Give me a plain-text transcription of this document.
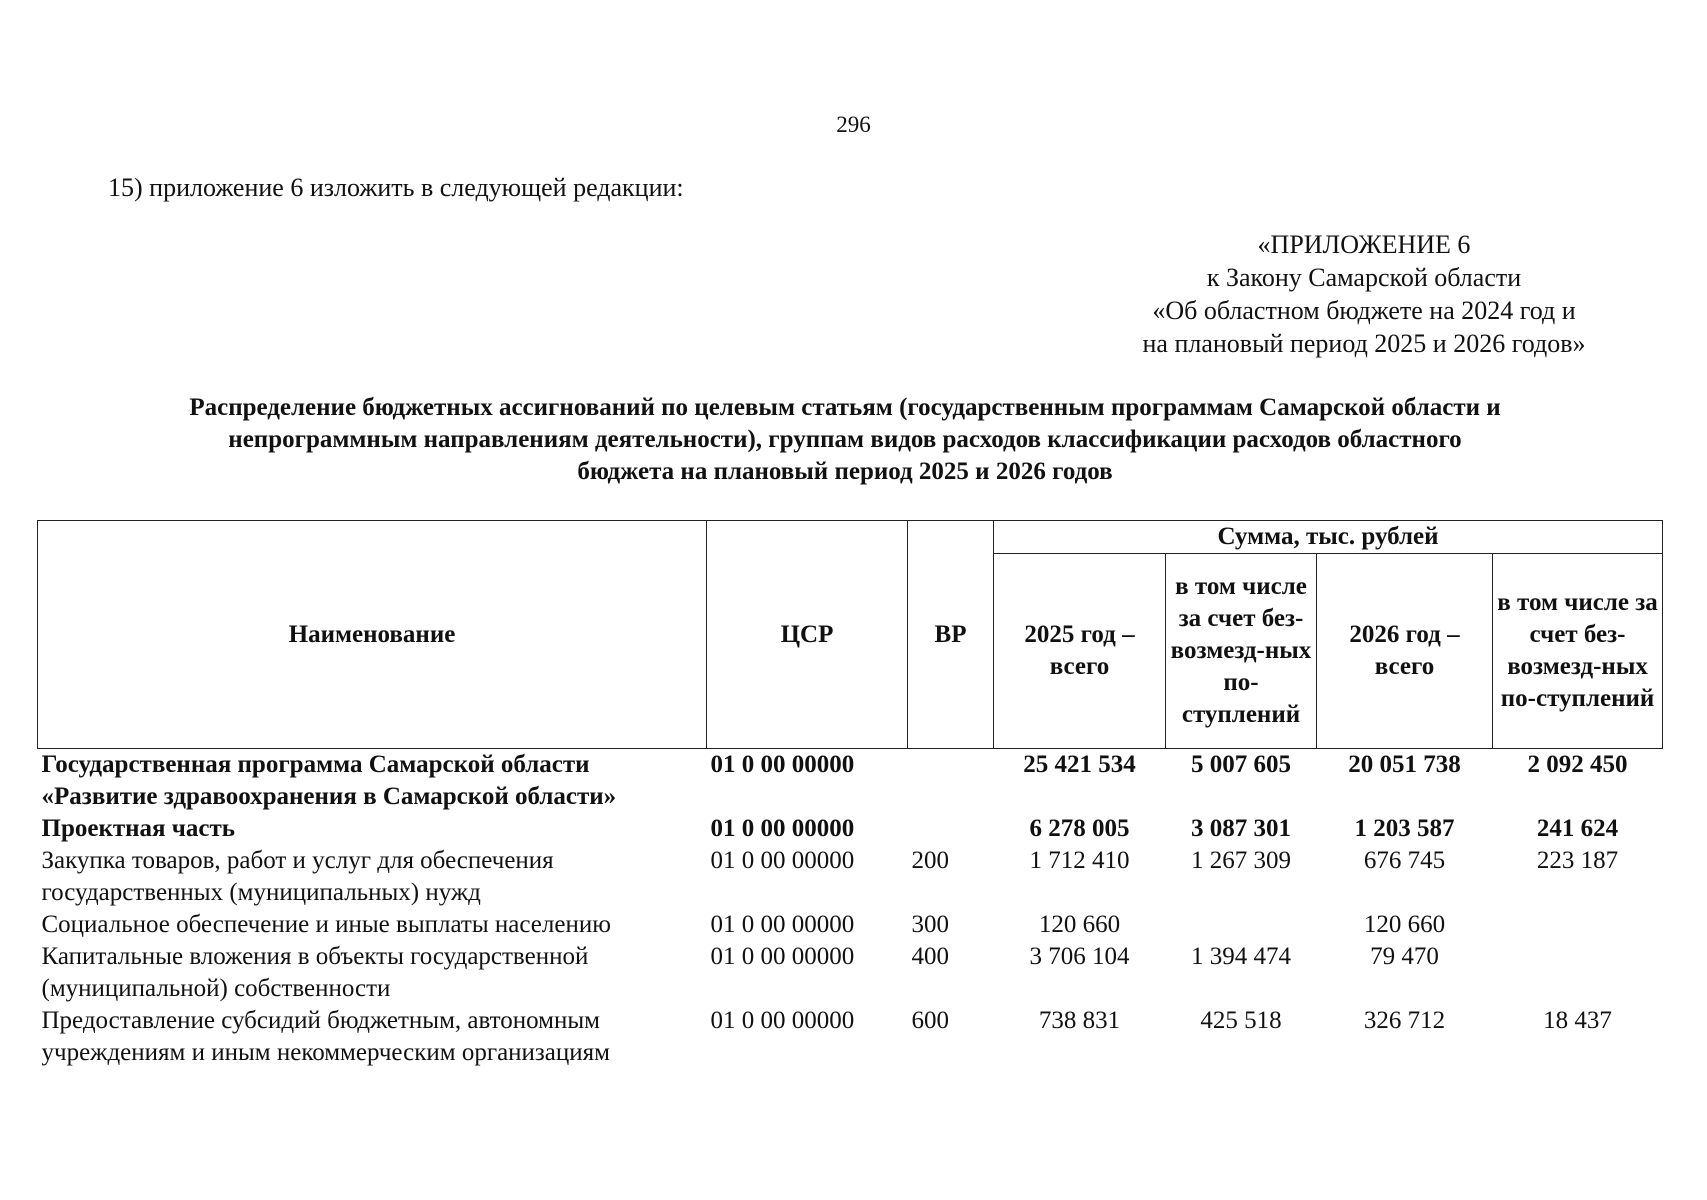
296
15) приложение 6 изложить в следующей редакции:
«ПРИЛОЖЕНИЕ 6
к Закону Самарской области
«Об областном бюджете на 2024 год и
на плановый период 2025 и 2026 годов»
Распределение бюджетных ассигнований по целевым статьям (государственным программам Самарской области и
непрограммным направлениям деятельности), группам видов расходов классификации расходов областного
бюджета на плановый период 2025 и 2026 годов
Наименование	ЦСР	ВР	Сумма, тыс. рублей			
			2025 год – всего	в том числе за счет без-возмезд-ных по-ступлений	2026 год – всего	в том числе за счет без-возмезд-ных по-ступлений
Государственная программа Самарской области «Развитие здравоохранения в Самарской области»	01 0 00 00000		25 421 534	5 007 605	20 051 738	2 092 450
Проектная часть	01 0 00 00000		6 278 005	3 087 301	1 203 587	241 624
Закупка товаров, работ и услуг для обеспечения государственных (муниципальных) нужд	01 0 00 00000	200	1 712 410	1 267 309	676 745	223 187
Социальное обеспечение и иные выплаты населению	01 0 00 00000	300	120 660		120 660	
Капитальные вложения в объекты государственной (муниципальной) собственности	01 0 00 00000	400	3 706 104	1 394 474	79 470	
Предоставление субсидий бюджетным, автономным учреждениям и иным некоммерческим организациям	01 0 00 00000	600	738 831	425 518	326 712	18 437
